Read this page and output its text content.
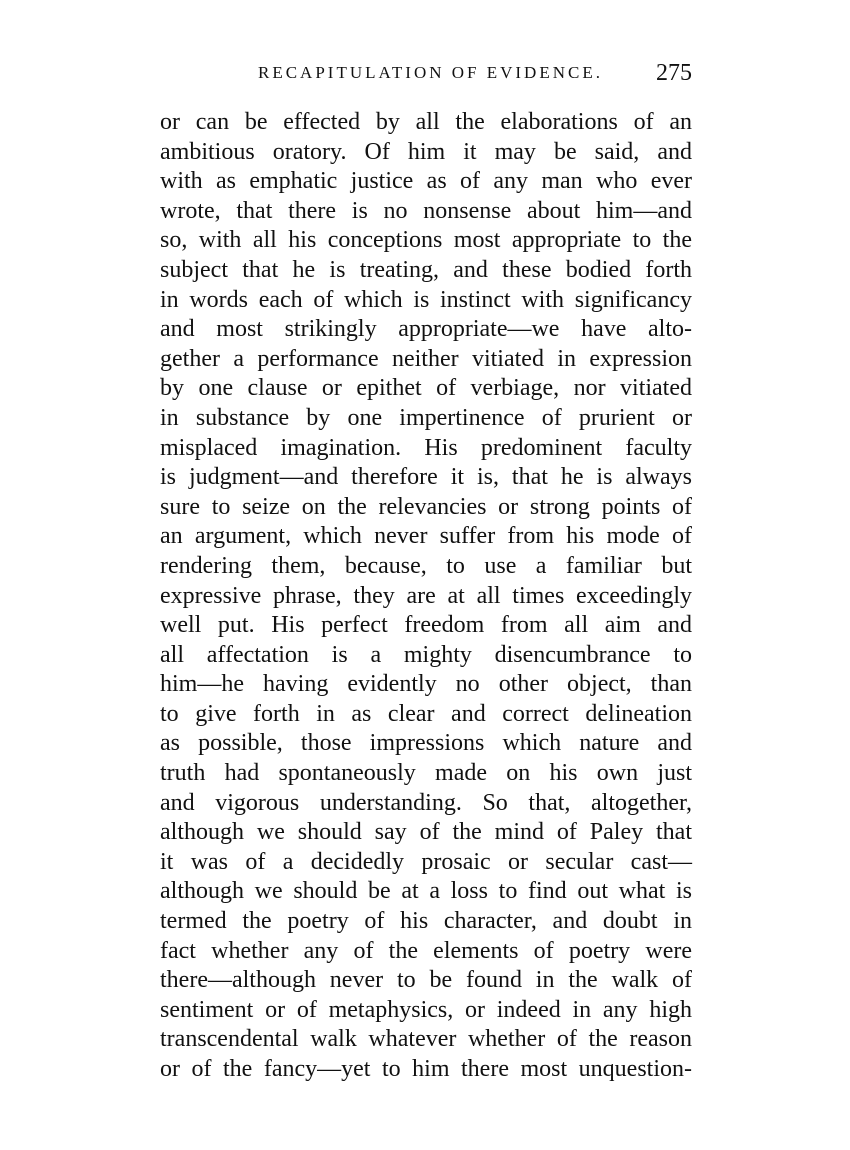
RECAPITULATION OF EVIDENCE. 275
or can be effected by all the elaborations of an
ambitious oratory. Of him it may be said, and
with as emphatic justice as of any man who ever
wrote, that there is no nonsense about him—and
so, with all his conceptions most appropriate to the
subject that he is treating, and these bodied forth
in words each of which is instinct with significancy
and most strikingly appropriate—we have alto-
gether a performance neither vitiated in expression
by one clause or epithet of verbiage, nor vitiated
in substance by one impertinence of prurient or
misplaced imagination. His predominent faculty
is judgment—and therefore it is, that he is always
sure to seize on the relevancies or strong points of
an argument, which never suffer from his mode of
rendering them, because, to use a familiar but
expressive phrase, they are at all times exceedingly
well put. His perfect freedom from all aim and
all affectation is a mighty disencumbrance to
him—he having evidently no other object, than
to give forth in as clear and correct delineation
as possible, those impressions which nature and
truth had spontaneously made on his own just
and vigorous understanding. So that, altogether,
although we should say of the mind of Paley that
it was of a decidedly prosaic or secular cast—
although we should be at a loss to find out what is
termed the poetry of his character, and doubt in
fact whether any of the elements of poetry were
there—although never to be found in the walk of
sentiment or of metaphysics, or indeed in any high
transcendental walk whatever whether of the reason
or of the fancy—yet to him there most unquestion-
